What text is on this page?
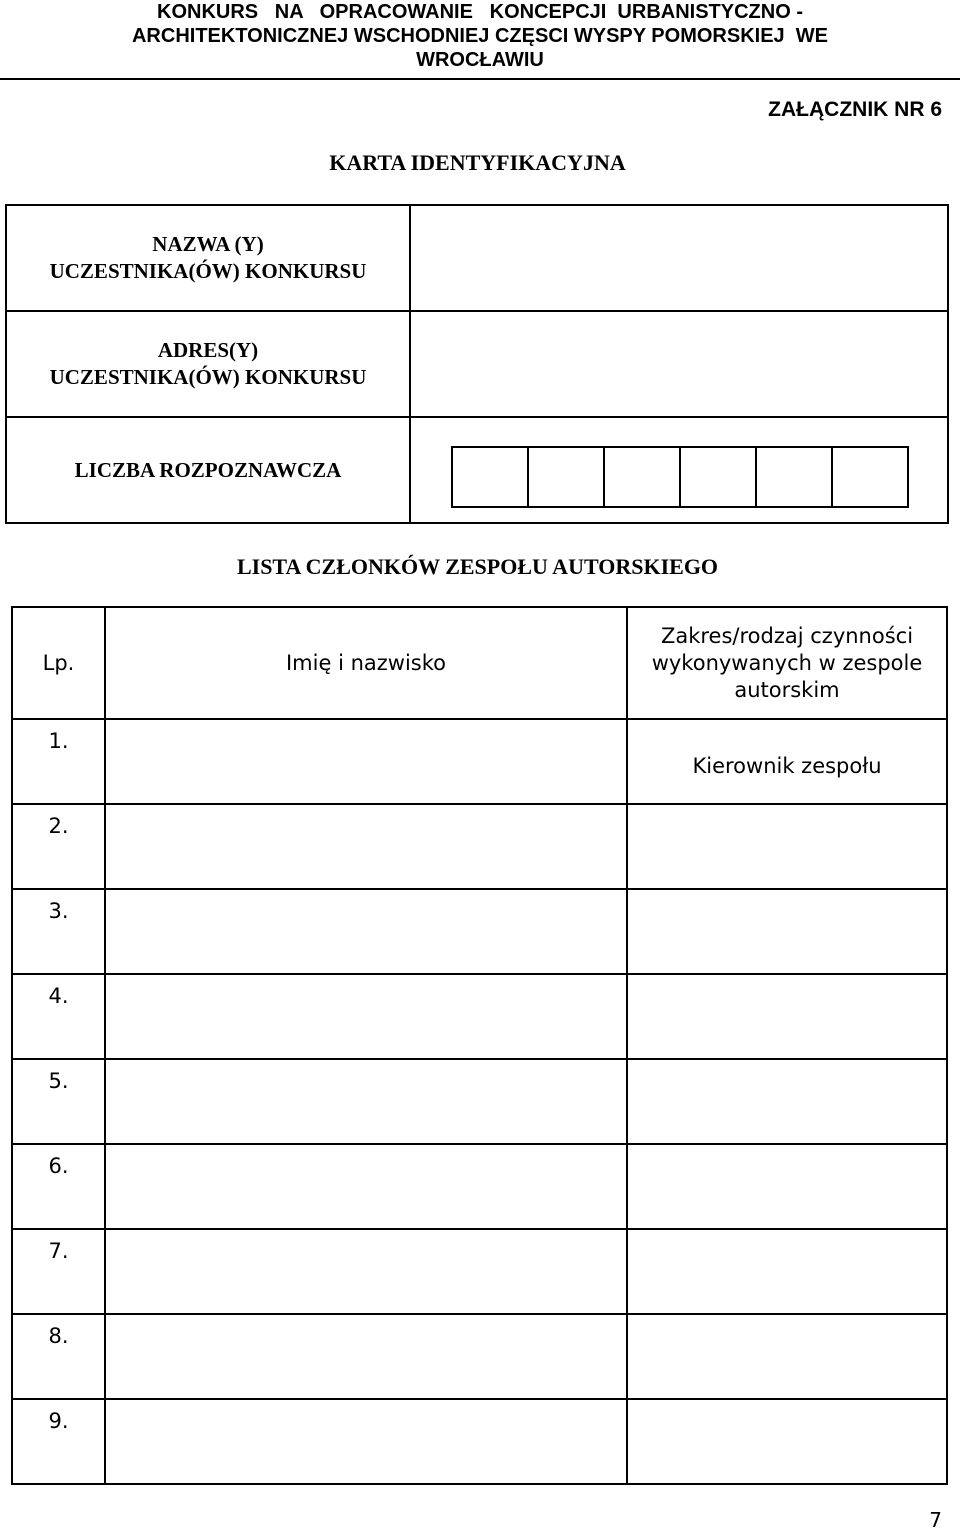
KONKURS   NA   OPRACOWANIE   KONCEPCJI  URBANISTYCZNO -
ARCHITEKTONICZNEJ WSCHODNIEJ CZĘSCI WYSPY POMORSKIEJ  WE
WROCŁAWIU
ZAŁĄCZNIK NR 6
KARTA IDENTYFIKACYJNA
NAZWA (Y)
UCZESTNIKA(ÓW) KONKURSU	

ADRES(Y)
UCZESTNIKA(ÓW) KONKURSU	

LICZBA ROZPOZNAWCZA	
LISTA CZŁONKÓW ZESPOŁU AUTORSKIEGO
Lp.	Imię i nazwisko	Zakres/rodzaj czynności
wykonywanych w zespole
autorskim

1.		Kierownik zespołu
2.		
3.		
4.		
5.		
6.		
7.		
8.		
9.		
7
